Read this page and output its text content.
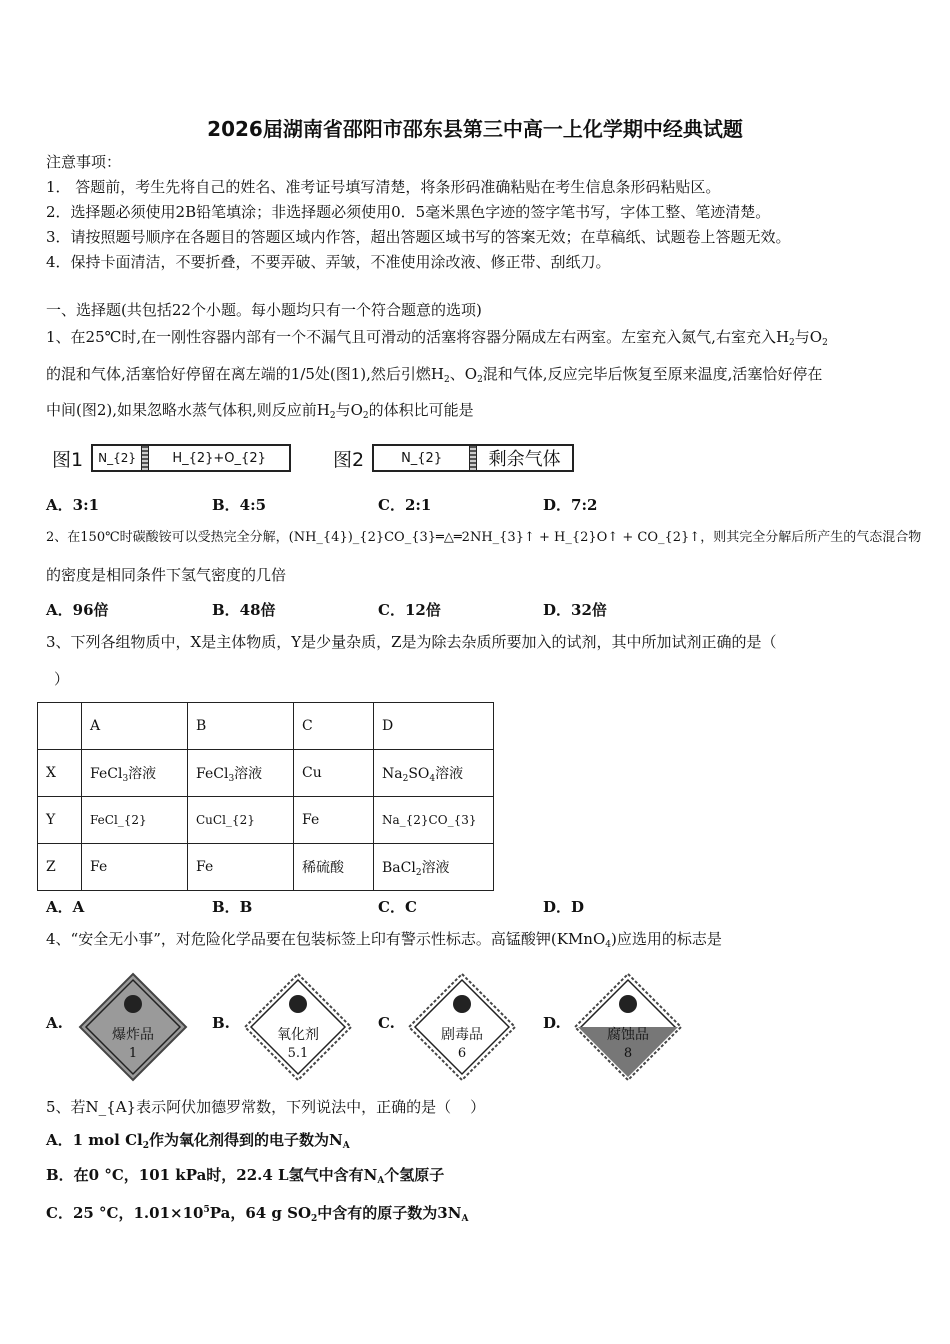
2026届湖南省邵阳市邵东县第三中高一上化学期中经典试题
注意事项：
1． 答题前，考生先将自己的姓名、准考证号填写清楚，将条形码准确粘贴在考生信息条形码粘贴区。
2．选择题必须使用2B铅笔填涂；非选择题必须使用0．5毫米黑色字迹的签字笔书写，字体工整、笔迹清楚。
3．请按照题号顺序在各题目的答题区域内作答，超出答题区域书写的答案无效；在草稿纸、试题卷上答题无效。
4．保持卡面清洁，不要折叠，不要弄破、弄皱，不准使用涂改液、修正带、刮纸刀。
一、选择题(共包括22个小题。每小题均只有一个符合题意的选项)
1、在25℃时,在一刚性容器内部有一个不漏气且可滑动的活塞将容器分隔成左右两室。左室充入氮气,右室充入$H_2$与$O_2$
的混和气体,活塞恰好停留在离左端的1/5处(图1),然后引燃$H_2$、$O_2$混和气体,反应完毕后恢复至原来温度,活塞恰好停在
中间(图2),如果忽略水蒸气体积,则反应前$H_2$与$O_2$的体积比可能是
图1	N_{2}	H_{2}+O_{2}	图2	N_{2}	剩余气体
A．3:1	B．4:5	C．2:1	D．7:2
2、在150℃时碳酸铵可以受热完全分解，(NH_{4})_{2}CO_{3}═△═2NH_{3}↑ + H_{2}O↑ + CO_{2}↑，则其完全分解后所产生的气态混合物
的密度是相同条件下氢气密度的几倍
A．96倍	B．48倍	C．12倍	D．32倍
3、下列各组物质中，X是主体物质，Y是少量杂质，Z是为除去杂质所要加入的试剂，其中所加试剂正确的是（
）
	A	B	C	D
X	FeCl$_3$溶液	FeCl$_3$溶液	Cu	$Na_2SO_4$溶液
Y	FeCl_{2}	CuCl_{2}	Fe	Na_{2}CO_{3}
Z	Fe	Fe	稀硫酸	BaCl$_2$溶液
A．A	B．B	C．C	D．D
4、“安全无小事”，对危险化学品要在包装标签上印有警示性标志。高锰酸钾(KMnO$_4$)应选用的标志是
A.
爆炸品
1
B.
氧化剂
5.1
C.
剧毒品
6
D.
腐蚀品
8
5、若N_{A}表示阿伏加德罗常数，下列说法中，正确的是（    ）
A．1 mol $Cl_2$作为氧化剂得到的电子数为$N_A$
B．在0 °C，101 kPa时，22.4 L氢气中含有$N_A$个氢原子
C．25 °C，$1.01\times 10^5Pa$，64 g $SO_2$中含有的原子数为$3N_A$
